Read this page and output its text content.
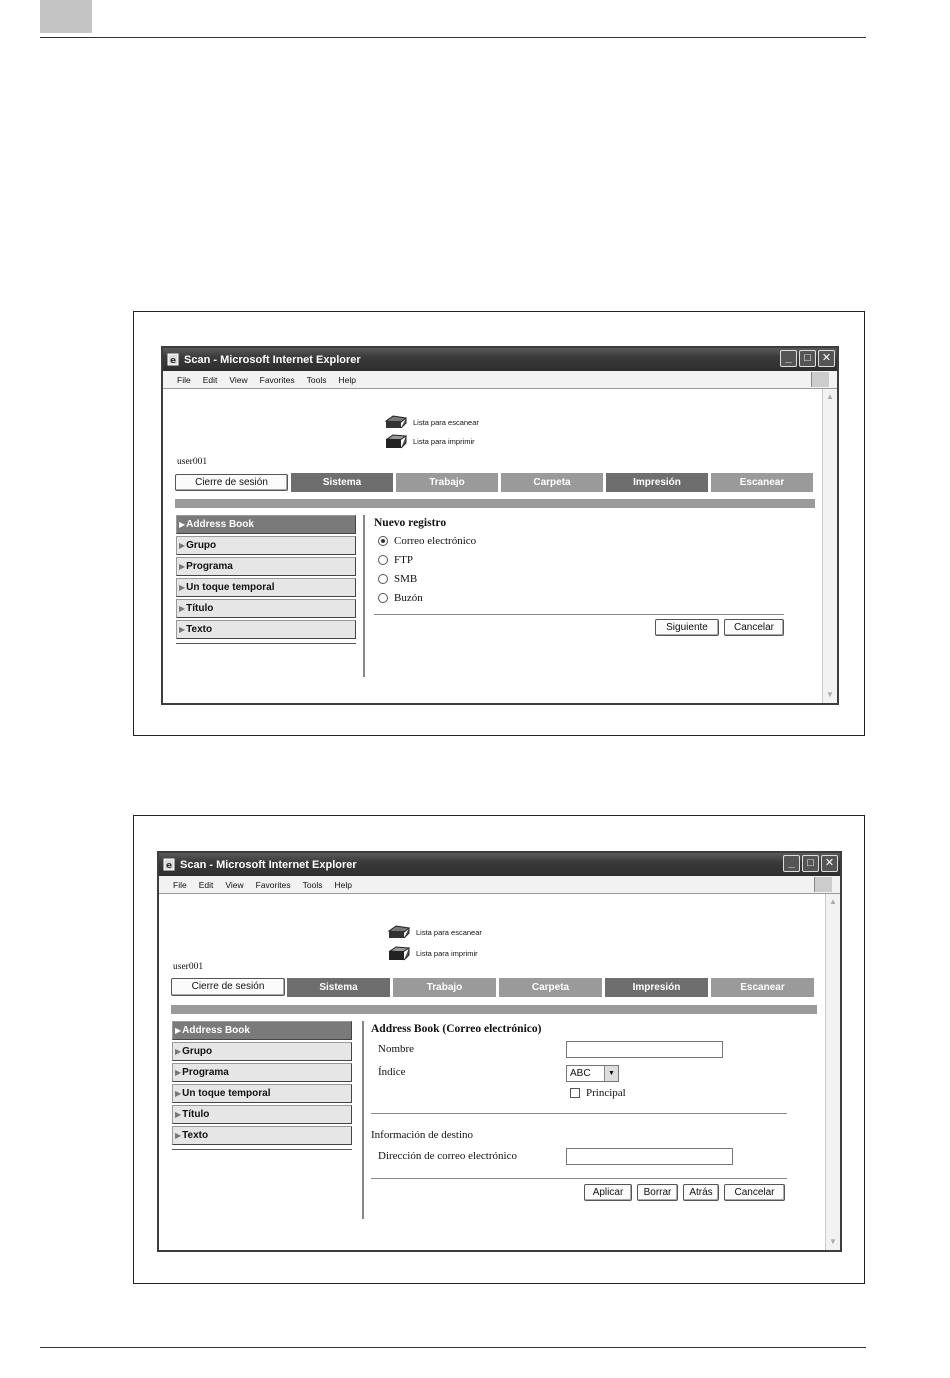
e Scan - Microsoft Internet Explorer	_	□	✕
File Edit View Favorites Tools Help
▲
▼
Lista para escanear
Lista para imprimir
user001
Cierre de sesión	Sistema	Trabajo	Carpeta	Impresión	Escanear
▶Address Book
▶Grupo
▶Programa
▶Un toque temporal
▶Título
▶Texto
Nuevo registro
Correo electrónico
FTP
SMB
Buzón
Siguiente	Cancelar
e Scan - Microsoft Internet Explorer	_	□	✕
File Edit View Favorites Tools Help
▲
▼
Lista para escanear
Lista para imprimir
user001
Cierre de sesión	Sistema	Trabajo	Carpeta	Impresión	Escanear
▶Address Book
▶Grupo
▶Programa
▶Un toque temporal
▶Título
▶Texto
Address Book (Correo electrónico)
Nombre
Índice	ABC	▼
Principal
Información de destino
Dirección de correo electrónico
Aplicar	Borrar	Atrás	Cancelar
